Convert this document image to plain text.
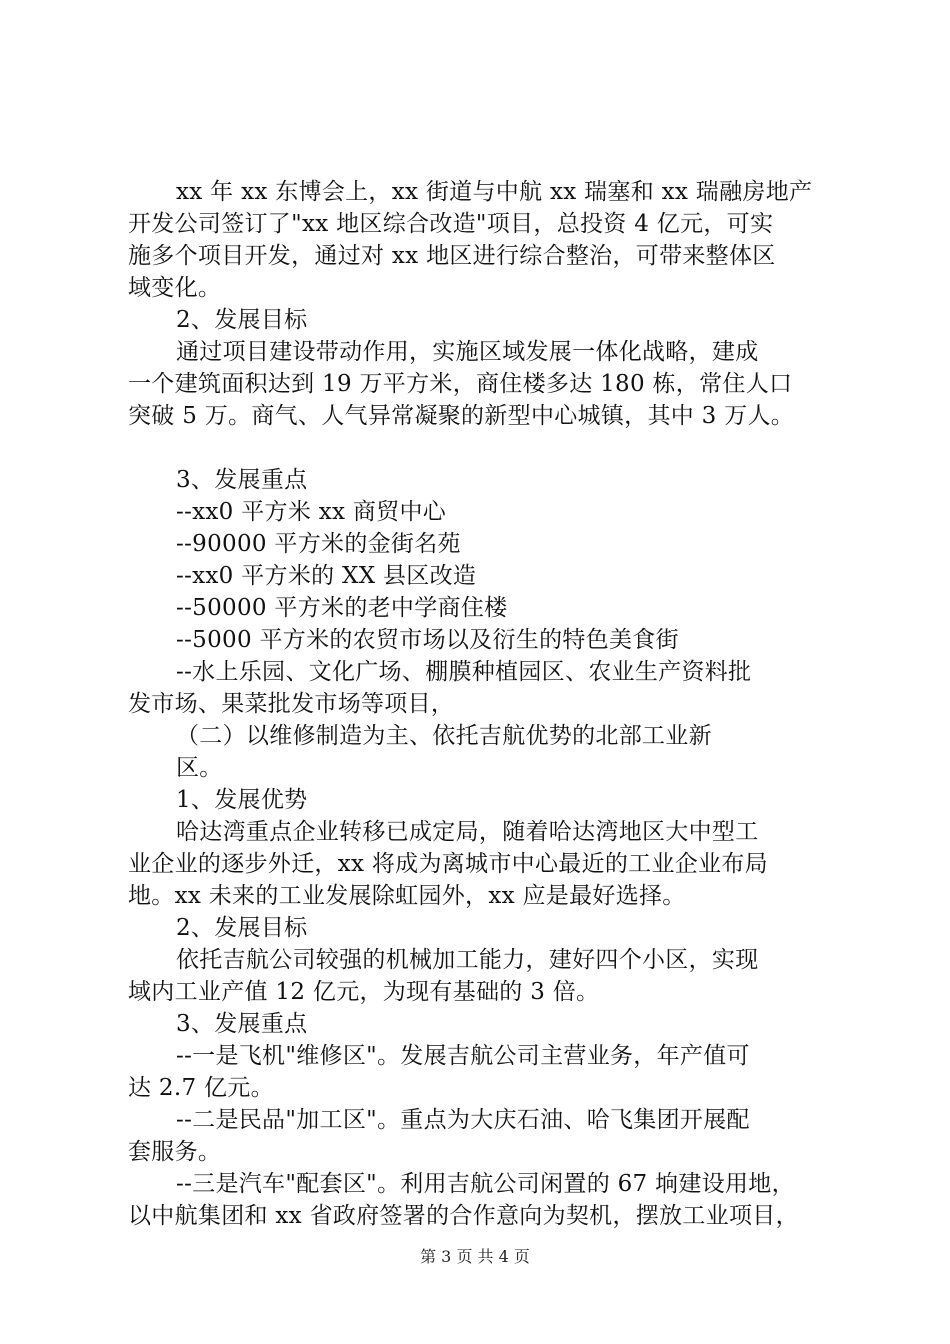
xx 年 xx 东博会上，xx 街道与中航 xx 瑞塞和 xx 瑞融房地产
开发公司签订了"xx 地区综合改造"项目，总投资 4 亿元，可实
施多个项目开发，通过对 xx 地区进行综合整治，可带来整体区
域变化。
2、发展目标
通过项目建设带动作用，实施区域发展一体化战略，建成
一个建筑面积达到 19 万平方米，商住楼多达 180 栋，常住人口
突破 5 万。商气、人气异常凝聚的新型中心城镇，其中 3 万人。
3、发展重点
--xx0 平方米 xx 商贸中心
--90000 平方米的金街名苑
--xx0 平方米的 XX 县区改造
--50000 平方米的老中学商住楼
--5000 平方米的农贸市场以及衍生的特色美食街
--水上乐园、文化广场、棚膜种植园区、农业生产资料批
发市场、果菜批发市场等项目，
（二）以维修制造为主、依托吉航优势的北部工业新
区。
1、发展优势
哈达湾重点企业转移已成定局，随着哈达湾地区大中型工
业企业的逐步外迁，xx 将成为离城市中心最近的工业企业布局
地。xx 未来的工业发展除虹园外，xx 应是最好选择。
2、发展目标
依托吉航公司较强的机械加工能力，建好四个小区，实现
域内工业产值 12 亿元，为现有基础的 3 倍。
3、发展重点
--一是飞机"维修区"。发展吉航公司主营业务，年产值可
达 2.7 亿元。
--二是民品"加工区"。重点为大庆石油、哈飞集团开展配
套服务。
--三是汽车"配套区"。利用吉航公司闲置的 67 垧建设用地，
以中航集团和 xx 省政府签署的合作意向为契机，摆放工业项目，
第 3 页 共 4 页
